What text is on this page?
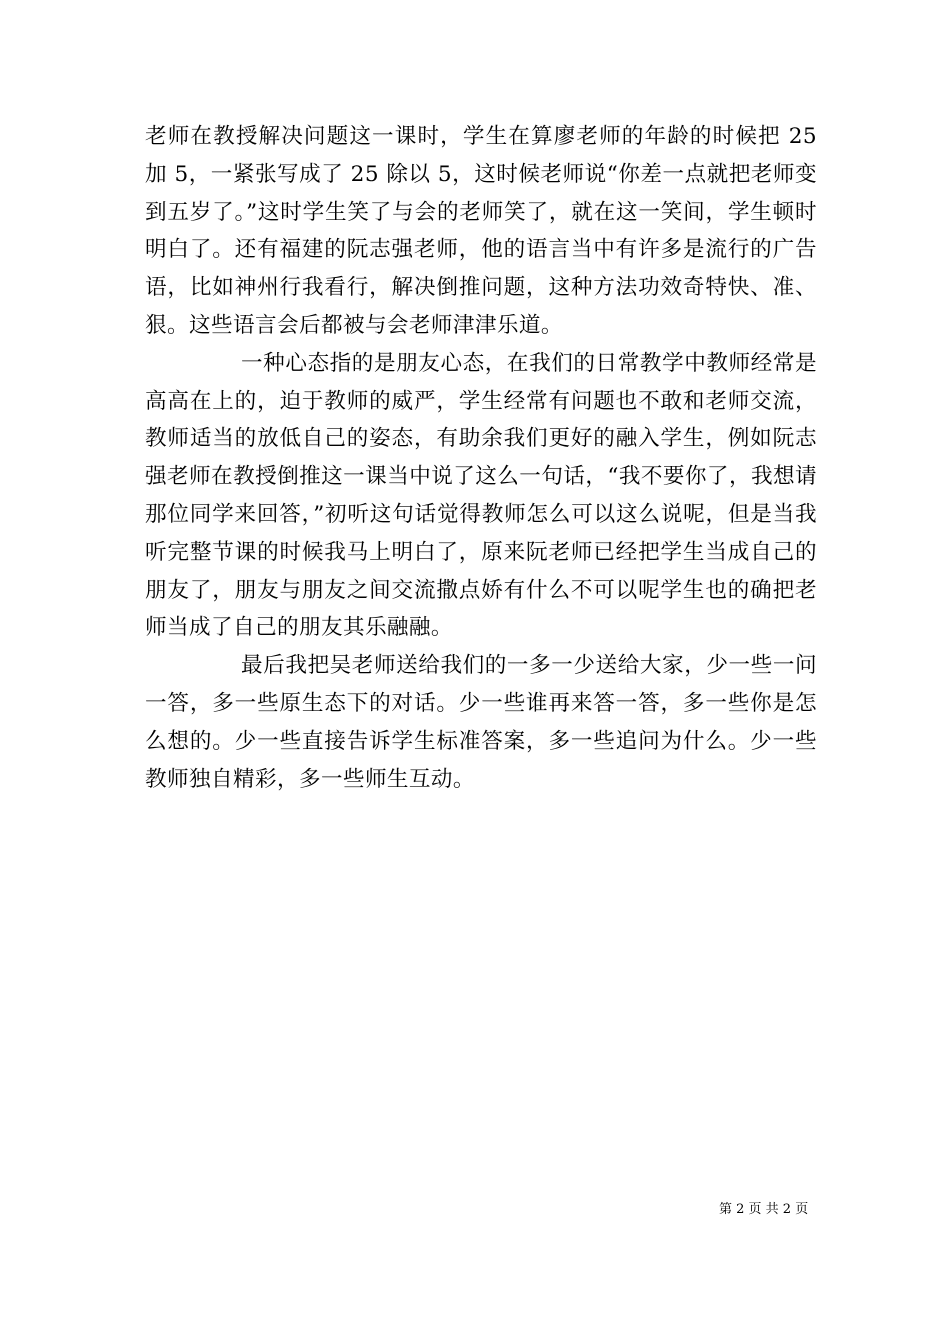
老师在教授解决问题这一课时，学生在算廖老师的年龄的时候把 25 加 5，一紧张写成了 25 除以 5，这时候老师说“你差一点就把老师变到五岁了。”这时学生笑了与会的老师笑了，就在这一笑间，学生顿时明白了。还有福建的阮志强老师，他的语言当中有许多是流行的广告语，比如神州行我看行，解决倒推问题，这种方法功效奇特快、准、狠。这些语言会后都被与会老师津津乐道。

一种心态指的是朋友心态，在我们的日常教学中教师经常是高高在上的，迫于教师的威严，学生经常有问题也不敢和老师交流，教师适当的放低自己的姿态，有助余我们更好的融入学生，例如阮志强老师在教授倒推这一课当中说了这么一句话，“我不要你了，我想请那位同学来回答，”初听这句话觉得教师怎么可以这么说呢，但是当我听完整节课的时候我马上明白了，原来阮老师已经把学生当成自己的朋友了，朋友与朋友之间交流撒点娇有什么不可以呢学生也的确把老师当成了自己的朋友其乐融融。

最后我把吴老师送给我们的一多一少送给大家，少一些一问一答，多一些原生态下的对话。少一些谁再来答一答，多一些你是怎么想的。少一些直接告诉学生标准答案，多一些追问为什么。少一些教师独自精彩，多一些师生互动。

第 2 页 共 2 页
